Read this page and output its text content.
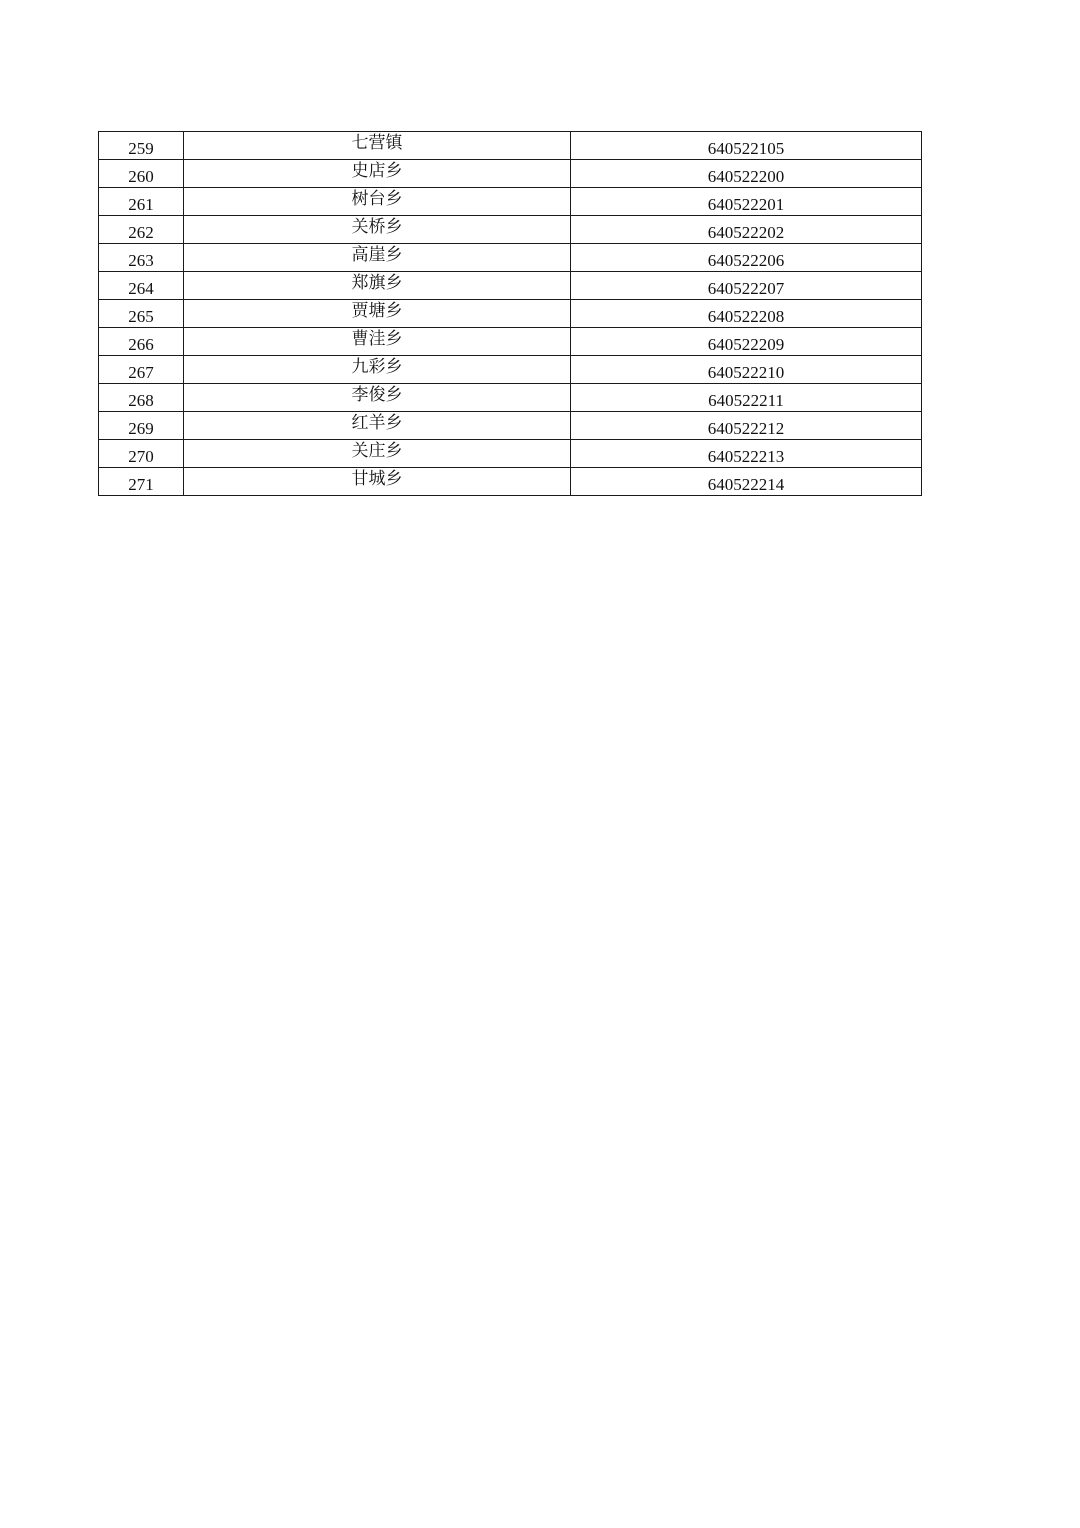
259	七营镇	640522105
260	史店乡	640522200
261	树台乡	640522201
262	关桥乡	640522202
263	高崖乡	640522206
264	郑旗乡	640522207
265	贾塘乡	640522208
266	曹洼乡	640522209
267	九彩乡	640522210
268	李俊乡	640522211
269	红羊乡	640522212
270	关庄乡	640522213
271	甘城乡	640522214
